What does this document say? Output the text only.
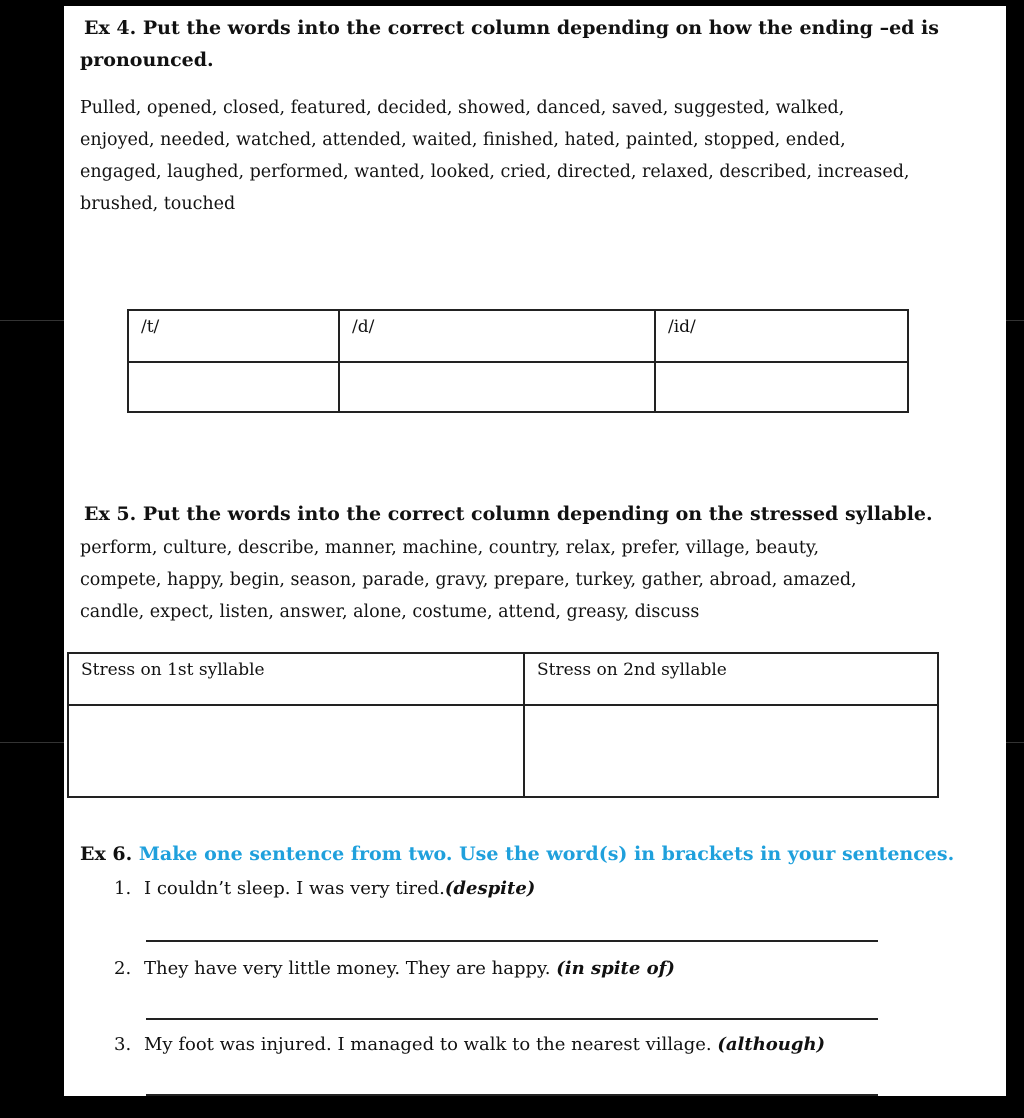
Ex 4. Put the words into the correct column depending on how the ending –ed is
pronounced.
Pulled, opened, closed, featured, decided, showed, danced, saved, suggested, walked,
enjoyed, needed, watched, attended, waited, finished, hated, painted, stopped, ended,
engaged, laughed, performed, wanted, looked, cried, directed, relaxed, described, increased,
brushed, touched
/t/	/d/	/id/

Ex 5. Put the words into the correct column depending on the stressed syllable.
perform, culture, describe, manner, machine, country, relax, prefer, village, beauty,
compete, happy, begin, season, parade, gravy, prepare, turkey, gather, abroad, amazed,
candle, expect, listen, answer, alone, costume, attend, greasy, discuss
Stress on 1st syllable	Stress on 2nd syllable

Ex 6. Make one sentence from two. Use the word(s) in brackets in your sentences.
1. I couldn’t sleep. I was very tired.(despite)
2. They have very little money. They are happy. (in spite of)
3. My foot was injured. I managed to walk to the nearest village. (although)
